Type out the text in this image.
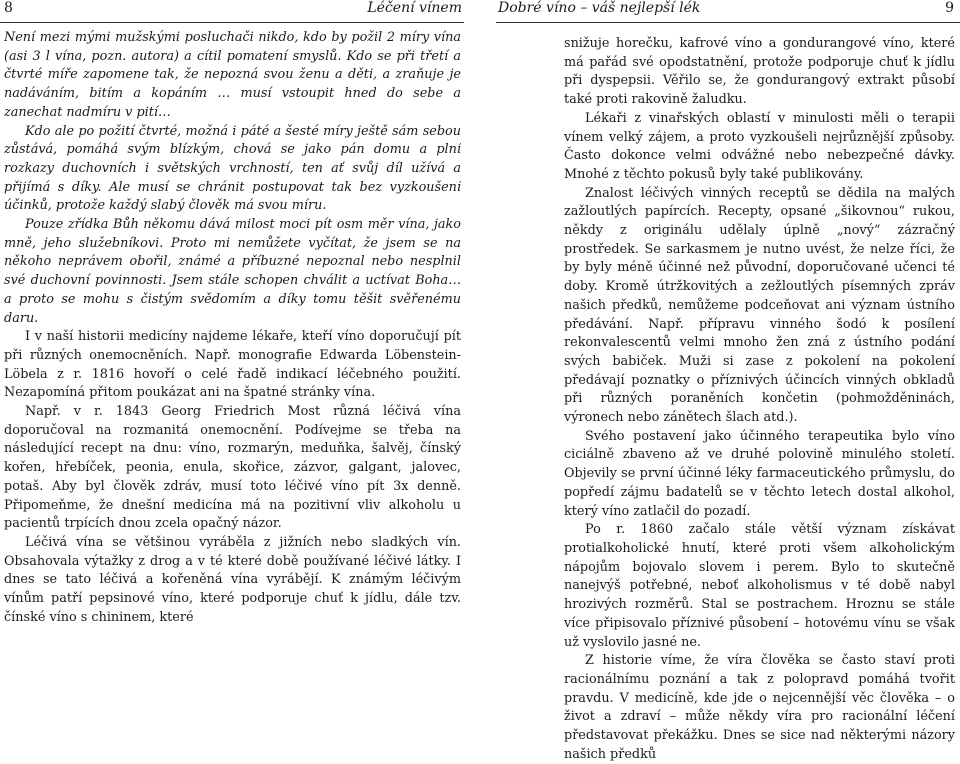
8	Léčení vínem	Dobré víno – váš nejlepší lék	9

Není mezi mými mužskými posluchači nikdo, kdo by požil 2 míry vína (asi 3 l vína, pozn. autora) a cítil pomatení smyslů. Kdo se při třetí a čtvrté míře zapomene tak, že nepozná svou ženu a děti, a zraňuje je nadáváním, bitím a kopáním … musí vstoupit hned do sebe a zanechat nadmíru v pití…

Kdo ale po požití čtvrté, možná i páté a šesté míry ještě sám sebou zůstává, pomáhá svým blízkým, chová se jako pán domu a plní rozkazy duchovních i světských vrchností, ten ať svůj díl užívá a přijímá s díky. Ale musí se chránit postupovat tak bez vyzkoušení účinků, protože každý slabý člověk má svou míru.

Pouze zřídka Bůh někomu dává milost moci pít osm měr vína, jako mně, jeho služebníkovi. Proto mi nemůžete vyčítat, že jsem se na někoho neprávem obořil, známé a příbuzné nepoznal nebo nesplnil své duchovní povinnosti. Jsem stále schopen chválit a uctívat Boha… a proto se mohu s čistým svědomím a díky tomu těšit svěřenému daru.

I v naší historii medicíny najdeme lékaře, kteří víno doporučují pít při různých onemocněních. Např. monografie Edwarda Löbenstein-Löbela z r. 1816 hovoří o celé řadě indikací léčebného použití. Nezapomíná přitom poukázat ani na špatné stránky vína.

Např. v r. 1843 Georg Friedrich Most různá léčivá vína doporučoval na rozmanitá onemocnění. Podívejme se třeba na následující recept na dnu: víno, rozmarýn, meduňka, šalvěj, čínský kořen, hřebíček, peonia, enula, skořice, zázvor, galgant, jalovec, potaš. Aby byl člověk zdráv, musí toto léčivé víno pít 3x denně. Připomeňme, že dnešní medicína má na pozitivní vliv alkoholu u pacientů trpících dnou zcela opačný názor.

Léčivá vína se většinou vyráběla z jižních nebo sladkých vín. Obsahovala výtažky z drog a v té které době používané léčivé látky. I dnes se tato léčivá a kořeněná vína vyrábějí. K známým léčivým vínům patří pepsinové víno, které podporuje chuť k jídlu, dále tzv. čínské víno s chininem, které

snižuje horečku, kafrové víno a gondurangové víno, které má pařád své opodstatnění, protože podporuje chuť k jídlu při dyspepsii. Věřilo se, že gondurangový extrakt působí také proti rakovině žaludku.

Lékaři z vinařských oblastí v minulosti měli o terapii vínem velký zájem, a proto vyzkoušeli nejrůznější způsoby. Často dokonce velmi odvážné nebo nebezpečné dávky. Mnohé z těchto pokusů byly také publikovány.

Znalost léčivých vinných receptů se dědila na malých zažloutlých papírcích. Recepty, opsané „šikovnou“ rukou, někdy z originálu udělaly úplně „nový“ zázračný prostředek. Se sarkasmem je nutno uvést, že nelze říci, že by byly méně účinné než původní, doporučované učenci té doby. Kromě útržkovitých a zežloutlých písemných zpráv našich předků, nemůžeme podceňovat ani význam ústního předávání. Např. přípravu vinného šodó k posílení rekonvalescentů velmi mnoho žen zná z ústního podání svých babiček. Muži si zase z pokolení na pokolení předávají poznatky o příznivých účincích vinných obkladů při různých poraněních končetin (pohmožděninách, výronech nebo zánětech šlach atd.).

Svého postavení jako účinného terapeutika bylo víno ciciálně zbaveno až ve druhé polovině minulého století. Objevily se první účinné léky farmaceutického průmyslu, do popředí zájmu badatelů se v těchto letech dostal alkohol, který víno zatlačil do pozadí.

Po r. 1860 začalo stále větší význam získávat protialkoholické hnutí, které proti všem alkoholickým nápojům bojovalo slovem i perem. Bylo to skutečně nanejvýš potřebné, neboť alkoholismus v té době nabyl hrozivých rozměrů. Stal se postrachem. Hroznu se stále více připisovalo příznivé působení – hotovému vínu se však už vyslovilo jasné ne.

Z historie víme, že víra člověka se často staví proti racionálnímu poznání a tak z polopravd pomáhá tvořit pravdu. V medicíně, kde jde o nejcennější věc člověka – o život a zdraví – může někdy víra pro racionální léčení představovat překážku. Dnes se sice nad některými názory našich předků
